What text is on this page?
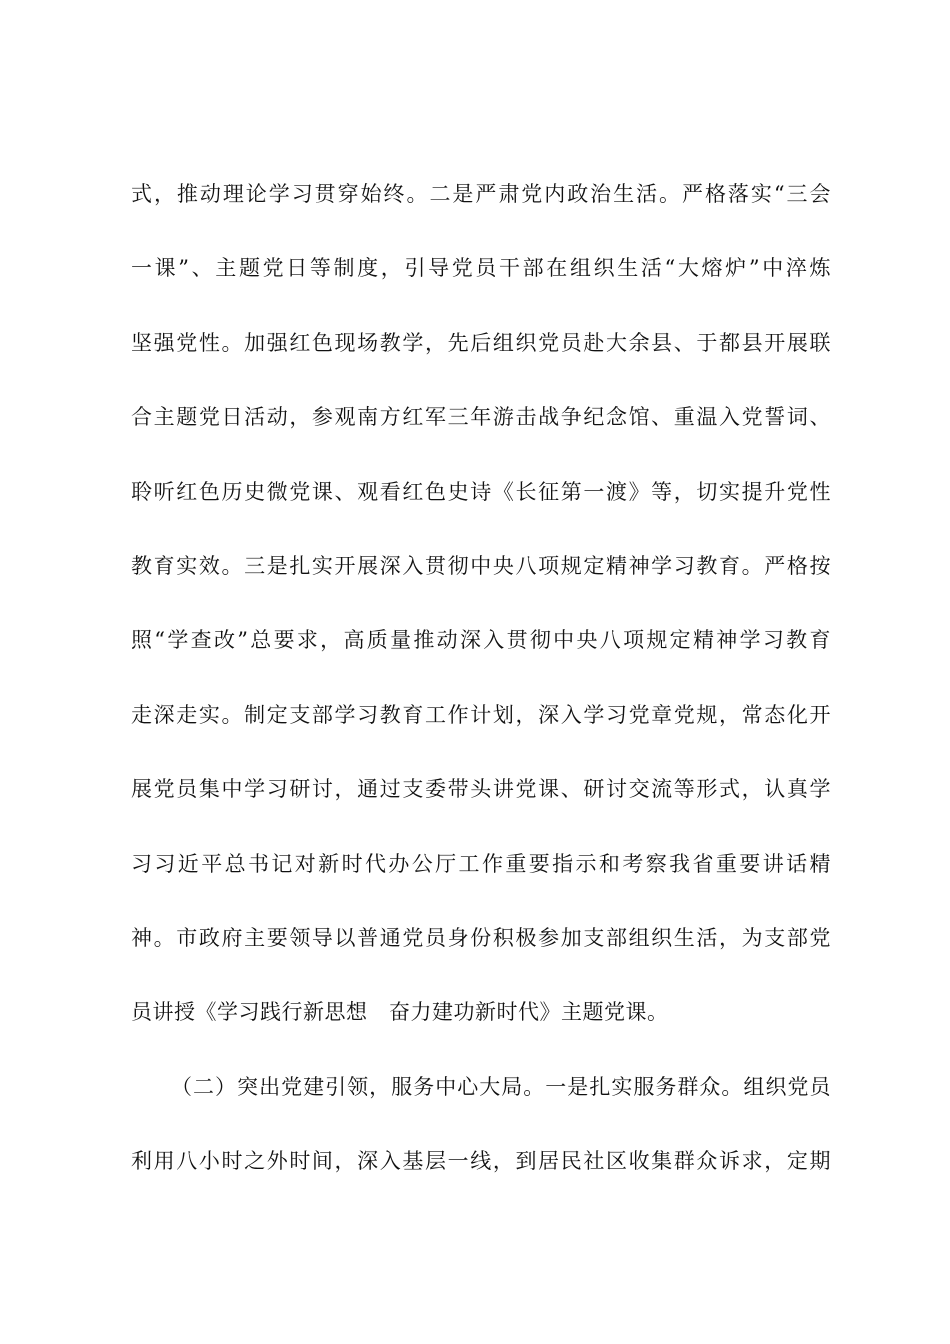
式，推动理论学习贯穿始终。二是严肃党内政治生活。严格落实“三会
一课”、主题党日等制度，引导党员干部在组织生活“大熔炉”中淬炼
坚强党性。加强红色现场教学，先后组织党员赴大余县、于都县开展联
合主题党日活动，参观南方红军三年游击战争纪念馆、重温入党誓词、
聆听红色历史微党课、观看红色史诗《长征第一渡》等，切实提升党性
教育实效。三是扎实开展深入贯彻中央八项规定精神学习教育。严格按
照“学查改”总要求，高质量推动深入贯彻中央八项规定精神学习教育
走深走实。制定支部学习教育工作计划，深入学习党章党规，常态化开
展党员集中学习研讨，通过支委带头讲党课、研讨交流等形式，认真学
习习近平总书记对新时代办公厅工作重要指示和考察我省重要讲话精
神。市政府主要领导以普通党员身份积极参加支部组织生活，为支部党
员讲授《学习践行新思想　奋力建功新时代》主题党课。
（二）突出党建引领，服务中心大局。一是扎实服务群众。组织党员
利用八小时之外时间，深入基层一线，到居民社区收集群众诉求，定期
